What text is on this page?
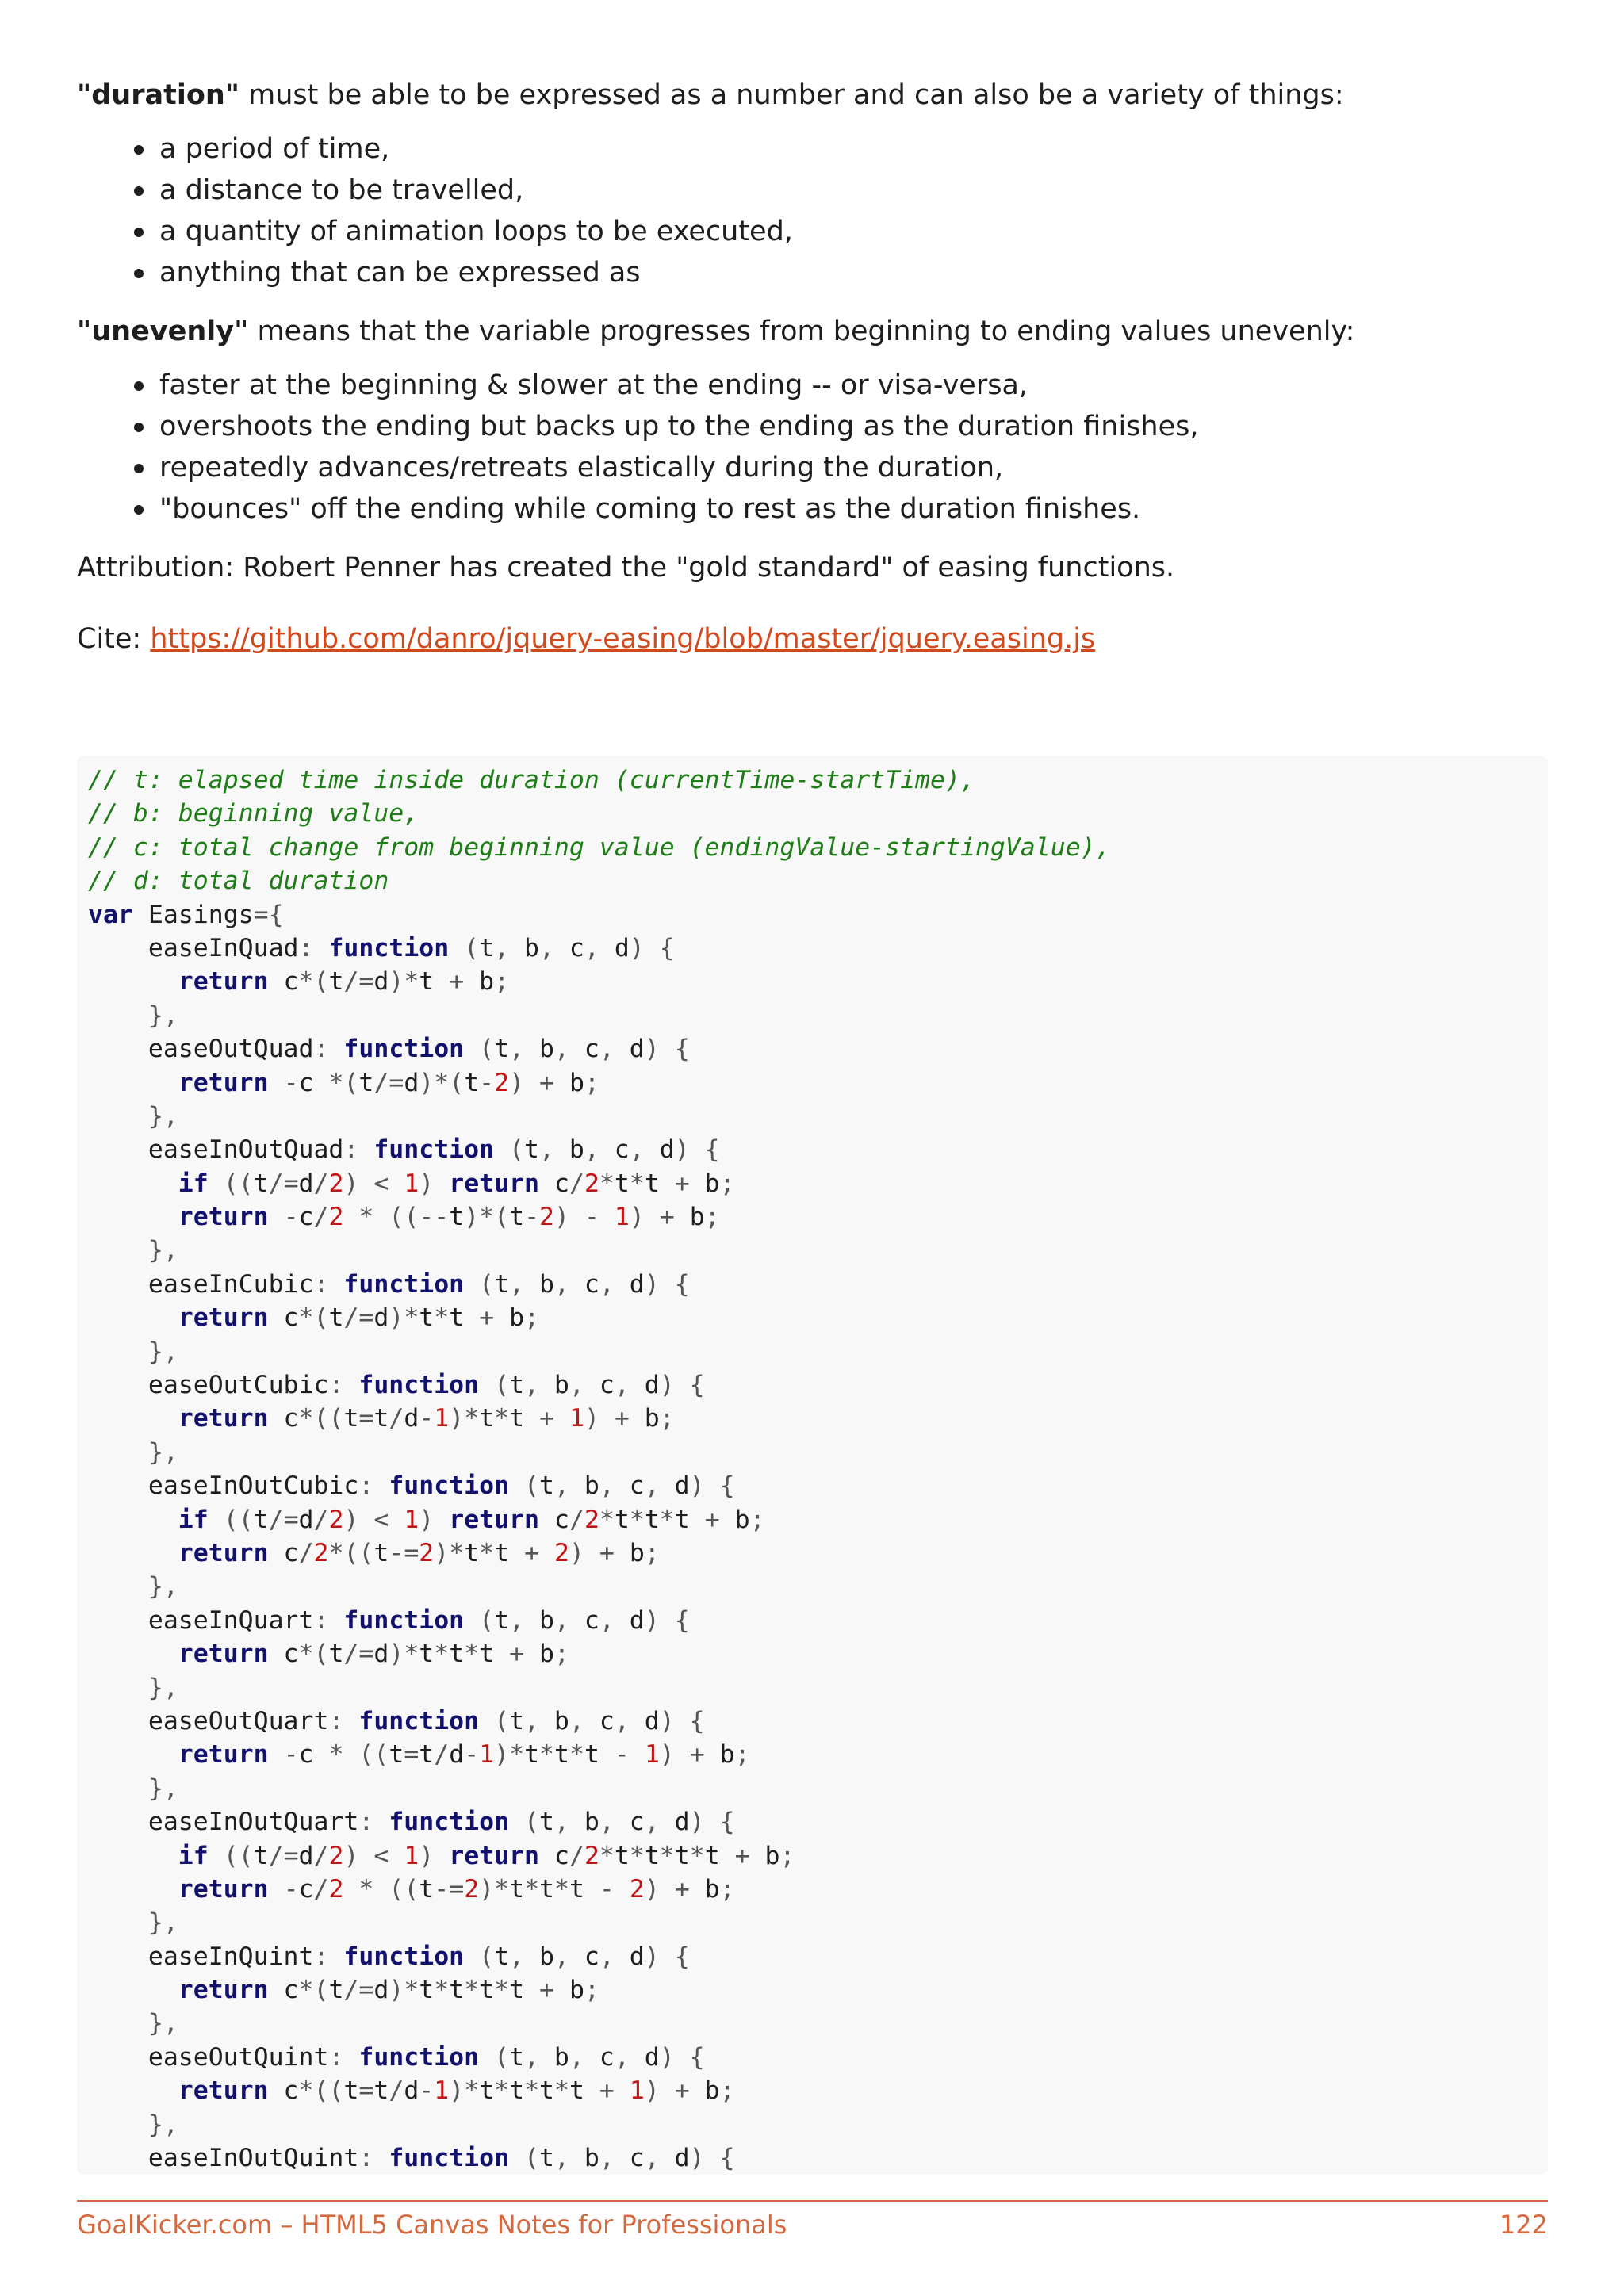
"duration" must be able to be expressed as a number and can also be a variety of things:

a period of time,
a distance to be travelled,
a quantity of animation loops to be executed,
anything that can be expressed as

"unevenly" means that the variable progresses from beginning to ending values unevenly:

faster at the beginning & slower at the ending -- or visa-versa,
overshoots the ending but backs up to the ending as the duration finishes,
repeatedly advances/retreats elastically during the duration,
"bounces" off the ending while coming to rest as the duration finishes.

Attribution: Robert Penner has created the "gold standard" of easing functions.

Cite: https://github.com/danro/jquery-easing/blob/master/jquery.easing.js

// t: elapsed time inside duration (currentTime-startTime),
// b: beginning value,
// c: total change from beginning value (endingValue-startingValue),
// d: total duration
var Easings={
easeInQuad: function (t, b, c, d) {
return c*(t/=d)*t + b;
},
easeOutQuad: function (t, b, c, d) {
return -c *(t/=d)*(t-2) + b;
},
easeInOutQuad: function (t, b, c, d) {
if ((t/=d/2) < 1) return c/2*t*t + b;
return -c/2 * ((--t)*(t-2) - 1) + b;
},
easeInCubic: function (t, b, c, d) {
return c*(t/=d)*t*t + b;
},
easeOutCubic: function (t, b, c, d) {
return c*((t=t/d-1)*t*t + 1) + b;
},
easeInOutCubic: function (t, b, c, d) {
if ((t/=d/2) < 1) return c/2*t*t*t + b;
return c/2*((t-=2)*t*t + 2) + b;
},
easeInQuart: function (t, b, c, d) {
return c*(t/=d)*t*t*t + b;
},
easeOutQuart: function (t, b, c, d) {
return -c * ((t=t/d-1)*t*t*t - 1) + b;
},
easeInOutQuart: function (t, b, c, d) {
if ((t/=d/2) < 1) return c/2*t*t*t*t + b;
return -c/2 * ((t-=2)*t*t*t - 2) + b;
},
easeInQuint: function (t, b, c, d) {
return c*(t/=d)*t*t*t*t + b;
},
easeOutQuint: function (t, b, c, d) {
return c*((t=t/d-1)*t*t*t*t + 1) + b;
},
easeInOutQuint: function (t, b, c, d) {
GoalKicker.com – HTML5 Canvas Notes for Professionals	122
